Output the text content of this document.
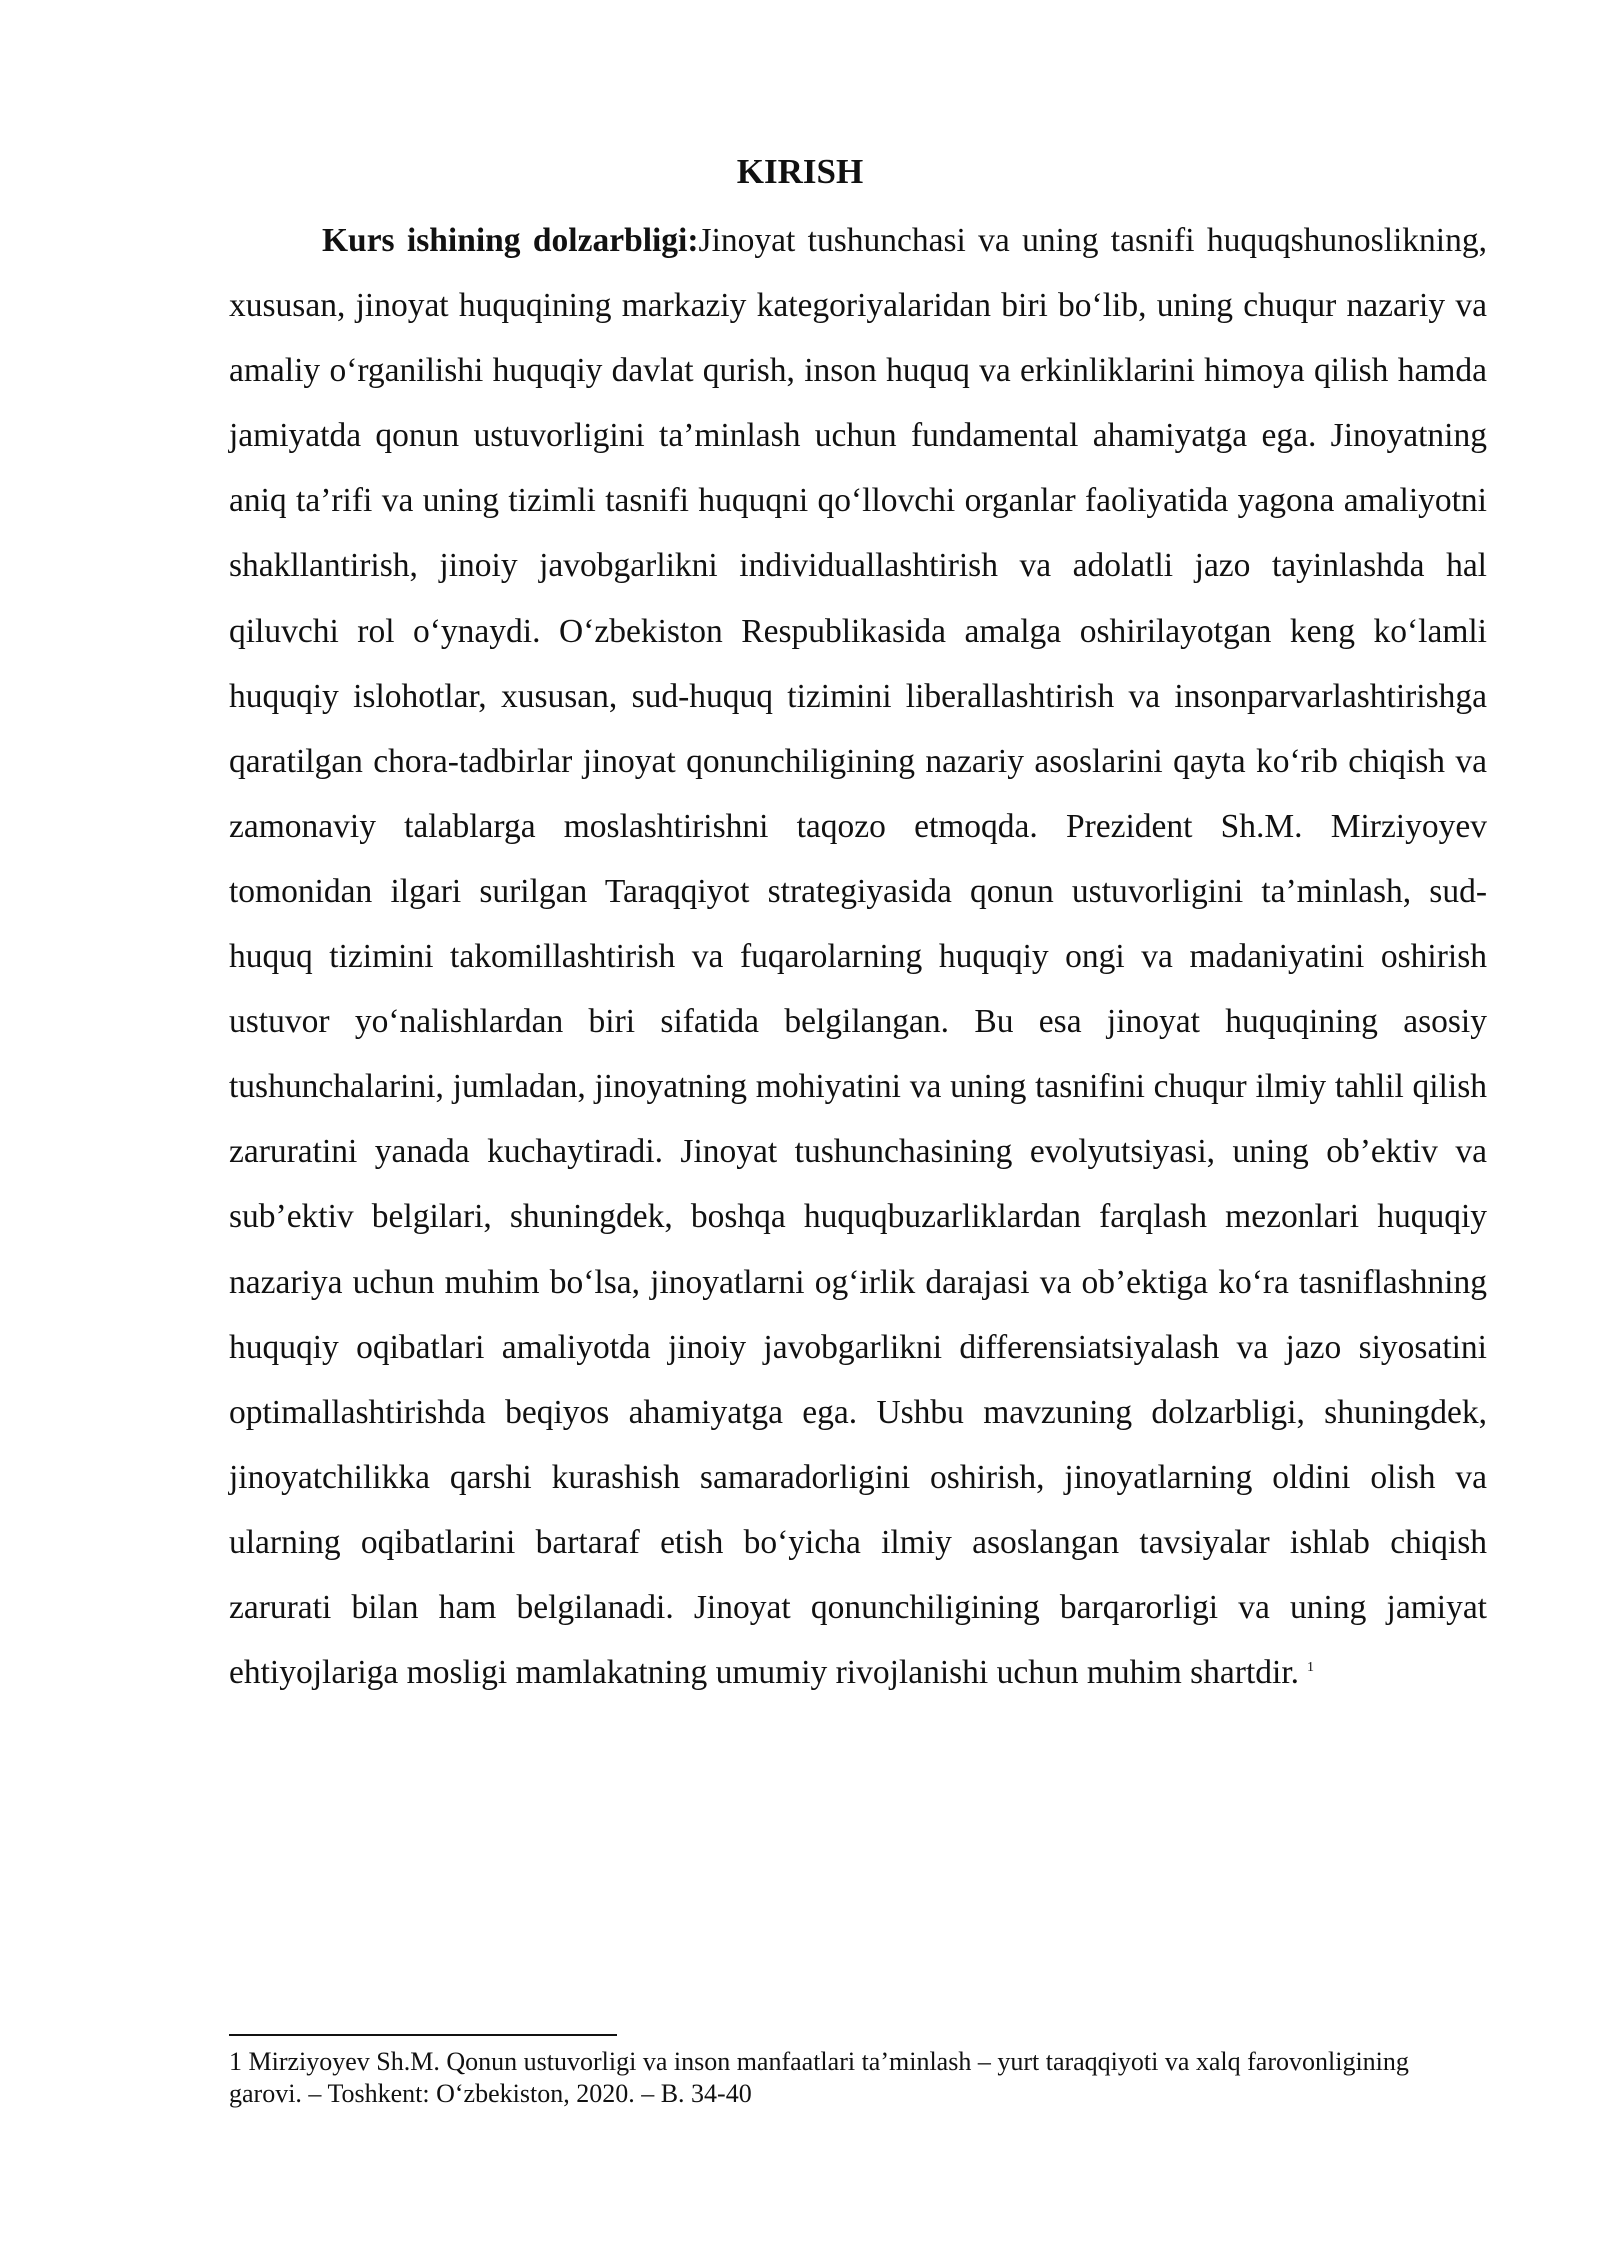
KIRISH

Kurs ishining dolzarbligi:Jinoyat tushunchasi va uning tasnifi huquqshunoslikning, xususan, jinoyat huquqining markaziy kategoriyalaridan biri bo‘lib, uning chuqur nazariy va amaliy o‘rganilishi huquqiy davlat qurish, inson huquq va erkinliklarini himoya qilish hamda jamiyatda qonun ustuvorligini ta’minlash uchun fundamental ahamiyatga ega. Jinoyatning aniq ta’rifi va uning tizimli tasnifi huquqni qo‘llovchi organlar faoliyatida yagona amaliyotni shakllantirish, jinoiy javobgarlikni individuallashtirish va adolatli jazo tayinlashda hal qiluvchi rol o‘ynaydi. O‘zbekiston Respublikasida amalga oshirilayotgan keng ko‘lamli huquqiy islohotlar, xususan, sud-huquq tizimini liberallashtirish va insonparvarlashtirishga qaratilgan chora-tadbirlar jinoyat qonunchiligining nazariy asoslarini qayta ko‘rib chiqish va zamonaviy talablarga moslashtirishni taqozo etmoqda. Prezident Sh.M. Mirziyoyev tomonidan ilgari surilgan Taraqqiyot strategiyasida qonun ustuvorligini ta’minlash, sud-huquq tizimini takomillashtirish va fuqarolarning huquqiy ongi va madaniyatini oshirish ustuvor yo‘nalishlardan biri sifatida belgilangan. Bu esa jinoyat huquqining asosiy tushunchalarini, jumladan, jinoyatning mohiyatini va uning tasnifini chuqur ilmiy tahlil qilish zaruratini yanada kuchaytiradi. Jinoyat tushunchasining evolyutsiyasi, uning ob’ektiv va sub’ektiv belgilari, shuningdek, boshqa huquqbuzarliklardan farqlash mezonlari huquqiy nazariya uchun muhim bo‘lsa, jinoyatlarni og‘irlik darajasi va ob’ektiga ko‘ra tasniflashning huquqiy oqibatlari amaliyotda jinoiy javobgarlikni differensiatsiyalash va jazo siyosatini optimallashtirishda beqiyos ahamiyatga ega. Ushbu mavzuning dolzarbligi, shuningdek, jinoyatchilikka qarshi kurashish samaradorligini oshirish, jinoyatlarning oldini olish va ularning oqibatlarini bartaraf etish bo‘yicha ilmiy asoslangan tavsiyalar ishlab chiqish zarurati bilan ham belgilanadi. Jinoyat qonunchiligining barqarorligi va uning jamiyat ehtiyojlariga mosligi mamlakatning umumiy rivojlanishi uchun muhim shartdir. $^1$

1 Mirziyoyev Sh.M. Qonun ustuvorligi va inson manfaatlari ta’minlash – yurt taraqqiyoti va xalq farovonligining garovi. – Toshkent: O‘zbekiston, 2020. – B. 34-40
